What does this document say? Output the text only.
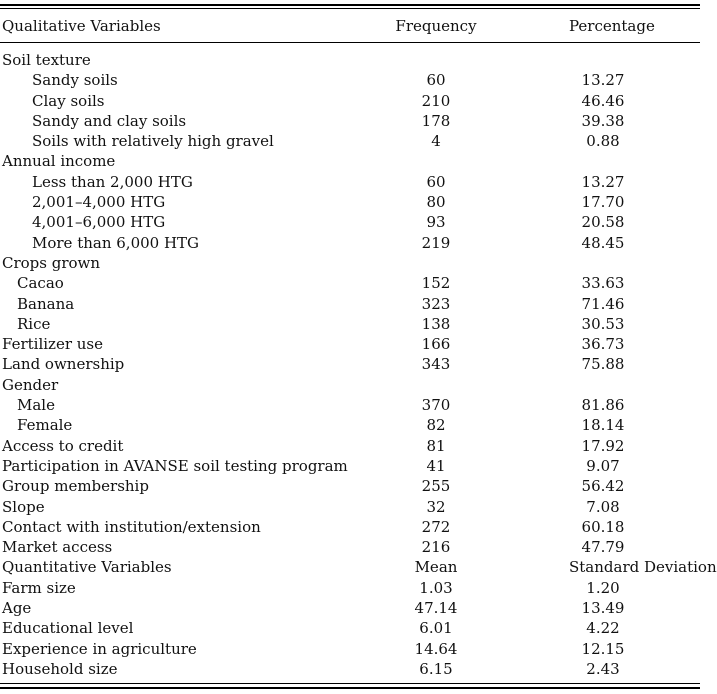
Qualitative Variables	Frequency	Percentage
Soil texture
Sandy soils	60	13.27
Clay soils	210	46.46
Sandy and clay soils	178	39.38
Soils with relatively high gravel	4	0.88
Annual income
Less than 2,000 HTG	60	13.27
2,001–4,000 HTG	80	17.70
4,001–6,000 HTG	93	20.58
More than 6,000 HTG	219	48.45
Crops grown
Cacao	152	33.63
Banana	323	71.46
Rice	138	30.53
Fertilizer use	166	36.73
Land ownership	343	75.88
Gender
Male	370	81.86
Female	82	18.14
Access to credit	81	17.92
Participation in AVANSE soil testing program	41	9.07
Group membership	255	56.42
Slope	32	7.08
Contact with institution/extension	272	60.18
Market access	216	47.79
Quantitative Variables	Mean	Standard Deviation
Farm size	1.03	1.20
Age	47.14	13.49
Educational level	6.01	4.22
Experience in agriculture	14.64	12.15
Household size	6.15	2.43
